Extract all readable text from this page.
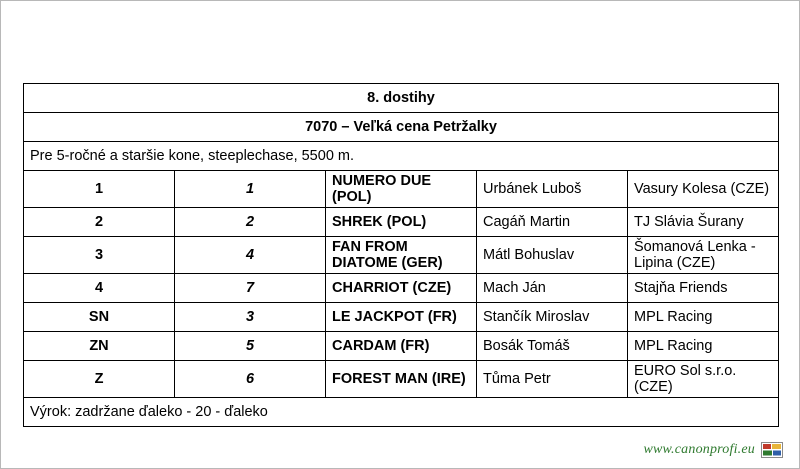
8. dostihy				
7070 – Veľká cena Petržalky				
Pre 5-ročné a staršie kone, steeplechase, 5500 m.				
1	1	NUMERO DUE (POL)	Urbánek Luboš	Vasury Kolesa (CZE)
2	2	SHREK (POL)	Cagáň Martin	TJ Slávia Šurany
3	4	FAN FROM DIATOME (GER)	Mátl Bohuslav	Šomanová Lenka - Lipina (CZE)
4	7	CHARRIOT (CZE)	Mach Ján	Stajňa Friends
SN	3	LE JACKPOT (FR)	Stančík Miroslav	MPL Racing
ZN	5	CARDAM (FR)	Bosák Tomáš	MPL Racing
Z	6	FOREST MAN (IRE)	Tůma Petr	EURO Sol s.r.o. (CZE)
Výrok: zadržane ďaleko - 20 - ďaleko				
www.canonprofi.eu
